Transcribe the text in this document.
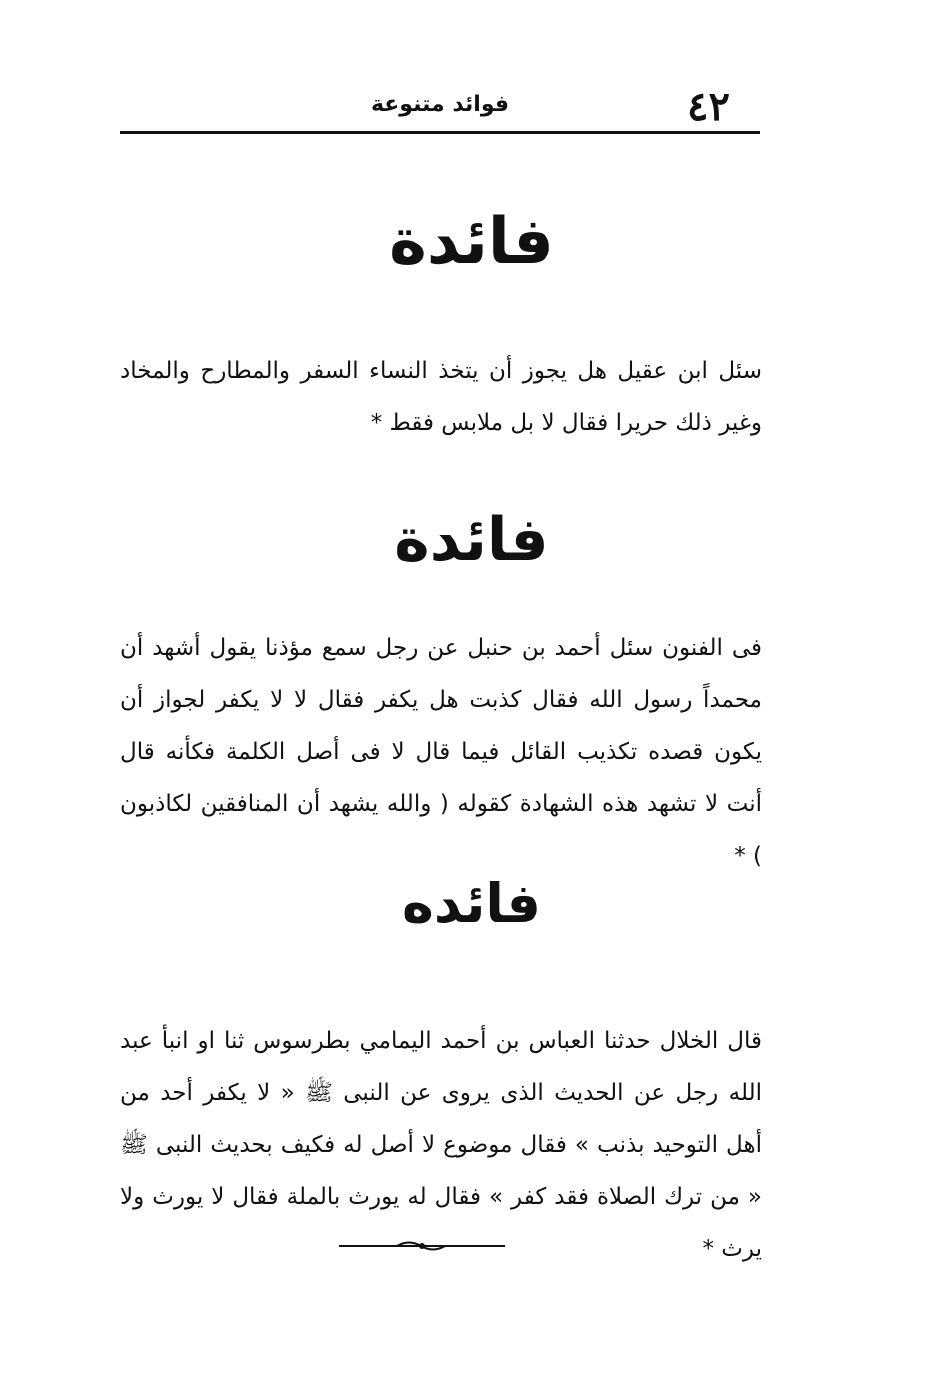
٤٢
فوائد متنوعة
فائدة
سئل ابن عقيل هل يجوز أن يتخذ النساء السفر والمطارح والمخاد وغير ذلك حريرا فقال لا بل ملابس فقط *
فائدة
فى الفنون سئل أحمد بن حنبل عن رجل سمع مؤذنا يقول أشهد أن محمداً رسول الله فقال كذبت هل يكفر فقال لا لا يكفر لجواز أن يكون قصده تكذيب القائل فيما قال لا فى أصل الكلمة فكأنه قال أنت لا تشهد هذه الشهادة كقوله ( والله يشهد أن المنافقين لكاذبون ) *
فائده
قال الخلال حدثنا العباس بن أحمد اليمامي بطرسوس ثنا او انبأ عبد الله رجل عن الحديث الذى يروى عن النبى ﷺ « لا يكفر أحد من أهل التوحيد بذنب » فقال موضوع لا أصل له فكيف بحديث النبى ﷺ « من ترك الصلاة فقد كفر » فقال له يورث بالملة فقال لا يورث ولا يرث *
